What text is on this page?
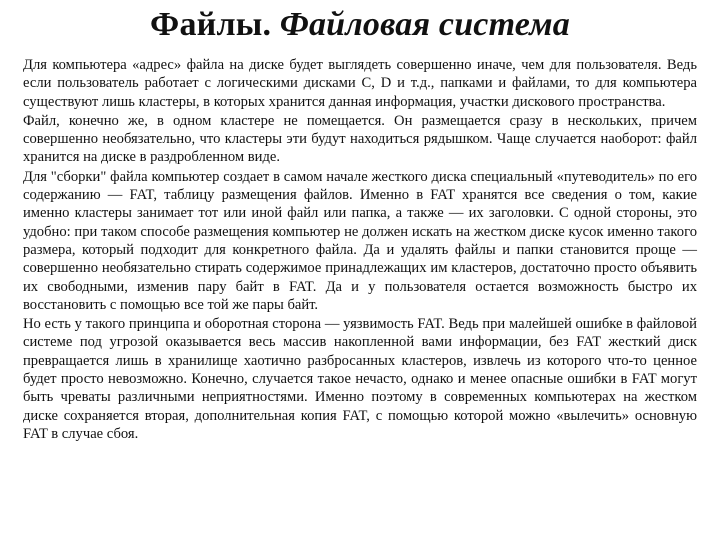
Файлы. Файловая система

Для компьютера «адрес» файла на диске будет выглядеть совершенно иначе, чем для пользователя. Ведь если пользователь работает с логическими дисками С, D и т.д., папками и файлами, то для компьютера существуют лишь кластеры, в которых хранится данная информация, участки дискового пространства.

Файл, конечно же, в одном кластере не помещается. Он размещается сразу в нескольких, причем совершенно необязательно, что кластеры эти будут находиться рядышком. Чаще случается наоборот: файл хранится на диске в раздробленном виде.

Для "сборки" файла компьютер создает в самом начале жесткого диска специальный «путеводитель» по его содержанию — FAT, таблицу размещения файлов. Именно в FAT хранятся все сведения о том, какие именно кластеры занимает тот или иной файл или папка, а также — их заголовки. С одной стороны, это удобно: при таком способе размещения компьютер не должен искать на жестком диске кусок именно такого размера, который подходит для конкретного файла. Да и удалять файлы и папки становится проще — совершенно необязательно стирать содержимое принадлежащих им кластеров, достаточно просто объявить их свободными, изменив пару байт в FAT. Да и у пользователя остается возможность быстро их восстановить с помощью все той же пары байт.

Но есть у такого принципа и оборотная сторона — уязвимость FAT. Ведь при малейшей ошибке в файловой системе под угрозой оказывается весь массив накопленной вами информации, без FAT жесткий диск превращается лишь в хранилище хаотично разбросанных кластеров, извлечь из которого что-то ценное будет просто невозможно. Конечно, случается такое нечасто, однако и менее опасные ошибки в FAT могут быть чреваты различными неприятностями. Именно поэтому в современных компьютерах на жестком диске сохраняется вторая, дополнительная копия FAT, с помощью которой можно «вылечить» основную FAT в случае сбоя.
